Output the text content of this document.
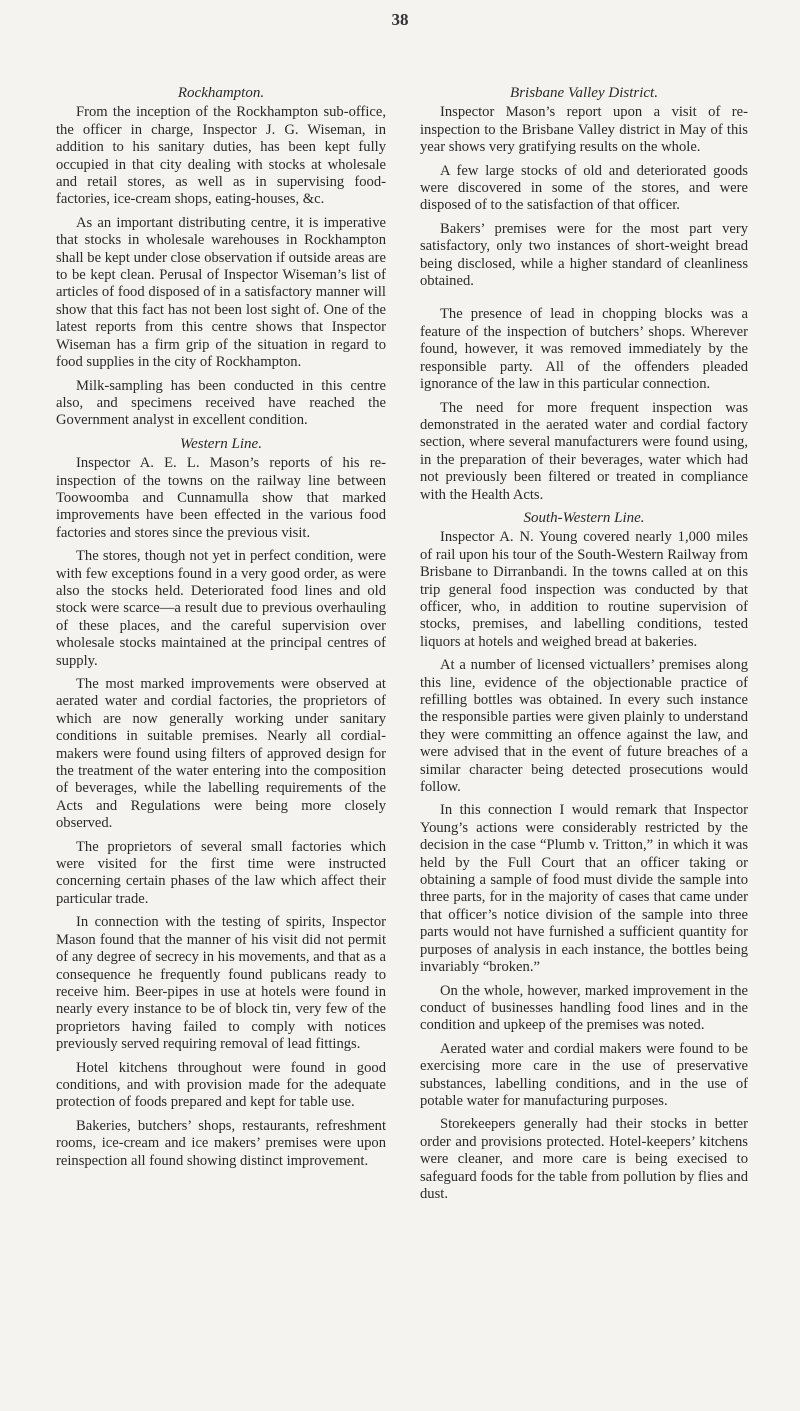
38
Rockhampton.

From the inception of the Rockhampton sub-office, the officer in charge, Inspector J. G. Wiseman, in addition to his sanitary duties, has been kept fully occupied in that city dealing with stocks at wholesale and retail stores, as well as in supervising food-factories, ice-cream shops, eating-houses, &c.

As an important distributing centre, it is imperative that stocks in wholesale warehouses in Rockhampton shall be kept under close observation if outside areas are to be kept clean. Perusal of Inspector Wiseman’s list of articles of food disposed of in a satisfactory manner will show that this fact has not been lost sight of. One of the latest reports from this centre shows that Inspector Wiseman has a firm grip of the situation in regard to food supplies in the city of Rockhampton.

Milk-sampling has been conducted in this centre also, and specimens received have reached the Government analyst in excellent condition.

Western Line.

Inspector A. E. L. Mason’s reports of his re-inspection of the towns on the railway line between Toowoomba and Cunnamulla show that marked improvements have been effected in the various food factories and stores since the previous visit.

The stores, though not yet in perfect condition, were with few exceptions found in a very good order, as were also the stocks held. Deteriorated food lines and old stock were scarce—a result due to previous overhauling of these places, and the careful supervision over wholesale stocks maintained at the principal centres of supply.

The most marked improvements were observed at aerated water and cordial factories, the proprietors of which are now generally working under sanitary conditions in suitable premises. Nearly all cordial-makers were found using filters of approved design for the treatment of the water entering into the composition of beverages, while the labelling requirements of the Acts and Regulations were being more closely observed.

The proprietors of several small factories which were visited for the first time were instructed concerning certain phases of the law which affect their particular trade.

In connection with the testing of spirits, Inspector Mason found that the manner of his visit did not permit of any degree of secrecy in his movements, and that as a consequence he frequently found publicans ready to receive him. Beer-pipes in use at hotels were found in nearly every instance to be of block tin, very few of the proprietors having failed to comply with notices previously served requiring removal of lead fittings.

Hotel kitchens throughout were found in good conditions, and with provision made for the adequate protection of foods prepared and kept for table use.

Bakeries, butchers’ shops, restaurants, refreshment rooms, ice-cream and ice makers’ premises were upon reinspection all found showing distinct improvement.

Brisbane Valley District.

Inspector Mason’s report upon a visit of re-inspection to the Brisbane Valley district in May of this year shows very gratifying results on the whole.

A few large stocks of old and deteriorated goods were discovered in some of the stores, and were disposed of to the satisfaction of that officer.

Bakers’ premises were for the most part very satisfactory, only two instances of short-weight bread being disclosed, while a higher standard of cleanliness obtained.

The presence of lead in chopping blocks was a feature of the inspection of butchers’ shops. Wherever found, however, it was removed immediately by the responsible party. All of the offenders pleaded ignorance of the law in this particular connection.

The need for more frequent inspection was demonstrated in the aerated water and cordial factory section, where several manufacturers were found using, in the preparation of their beverages, water which had not previously been filtered or treated in compliance with the Health Acts.

South-Western Line.

Inspector A. N. Young covered nearly 1,000 miles of rail upon his tour of the South-Western Railway from Brisbane to Dirranbandi. In the towns called at on this trip general food inspection was conducted by that officer, who, in addition to routine supervision of stocks, premises, and labelling conditions, tested liquors at hotels and weighed bread at bakeries.

At a number of licensed victuallers’ premises along this line, evidence of the objectionable practice of refilling bottles was obtained. In every such instance the responsible parties were given plainly to understand they were committing an offence against the law, and were advised that in the event of future breaches of a similar character being detected prosecutions would follow.

In this connection I would remark that Inspector Young’s actions were considerably restricted by the decision in the case “Plumb v. Tritton,” in which it was held by the Full Court that an officer taking or obtaining a sample of food must divide the sample into three parts, for in the majority of cases that came under that officer’s notice division of the sample into three parts would not have furnished a sufficient quantity for purposes of analysis in each instance, the bottles being invariably “broken.”

On the whole, however, marked improvement in the conduct of businesses handling food lines and in the condition and upkeep of the premises was noted.

Aerated water and cordial makers were found to be exercising more care in the use of preservative substances, labelling conditions, and in the use of potable water for manufacturing purposes.

Storekeepers generally had their stocks in better order and provisions protected. Hotel-keepers’ kitchens were cleaner, and more care is being execised to safeguard foods for the table from pollution by flies and dust.
